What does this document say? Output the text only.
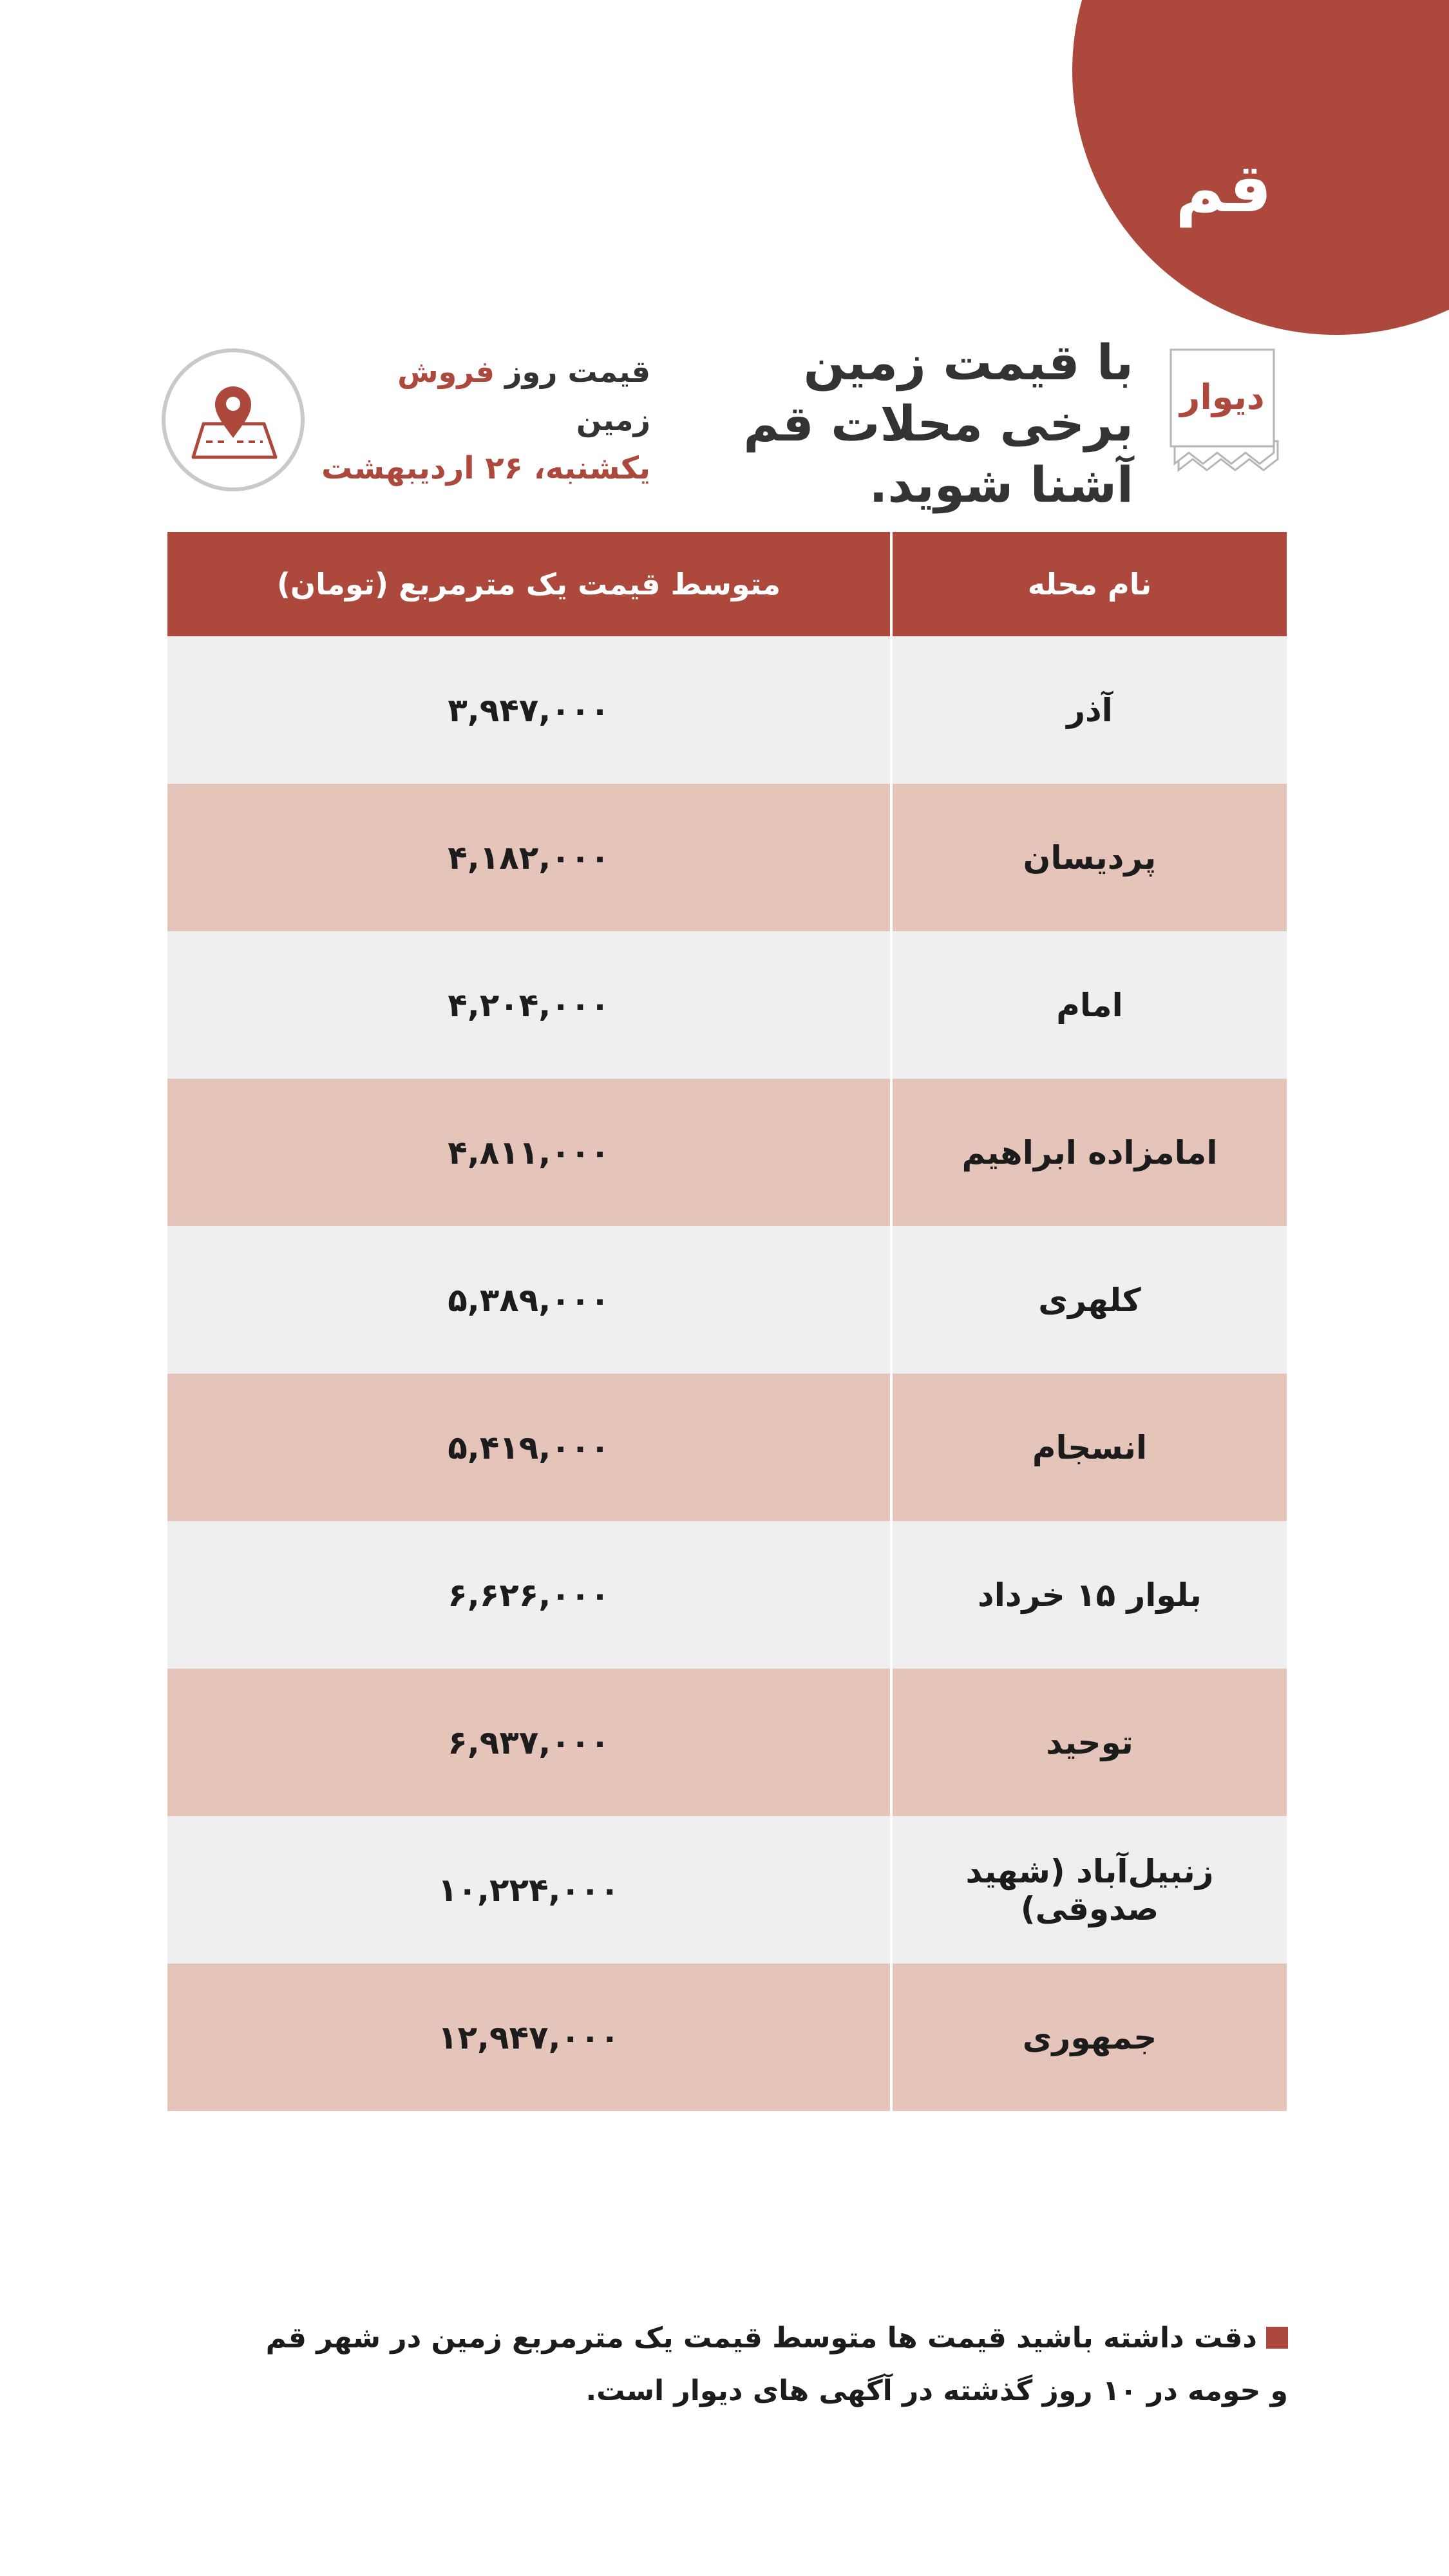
قم
دیوار
با قیمت زمین
برخی محلات قم
آشنا شوید.
قیمت روز فروش زمین
یکشنبه، ۲۶ اردیبهشت
نام محله	متوسط قیمت یک مترمربع (تومان)
آذر	۳,۹۴۷,۰۰۰
پردیسان	۴,۱۸۲,۰۰۰
امام	۴,۲۰۴,۰۰۰
امامزاده ابراهیم	۴,۸۱۱,۰۰۰
کلهری	۵,۳۸۹,۰۰۰
انسجام	۵,۴۱۹,۰۰۰
بلوار ۱۵ خرداد	۶,۶۲۶,۰۰۰
توحید	۶,۹۳۷,۰۰۰
زنبیل‌آباد (شهید صدوقی)	۱۰,۲۲۴,۰۰۰
جمهوری	۱۲,۹۴۷,۰۰۰
دقت داشته باشید قیمت ها متوسط قیمت یک مترمربع زمین در شهر قم و حومه در ۱۰ روز گذشته در آگهی های دیوار است.
